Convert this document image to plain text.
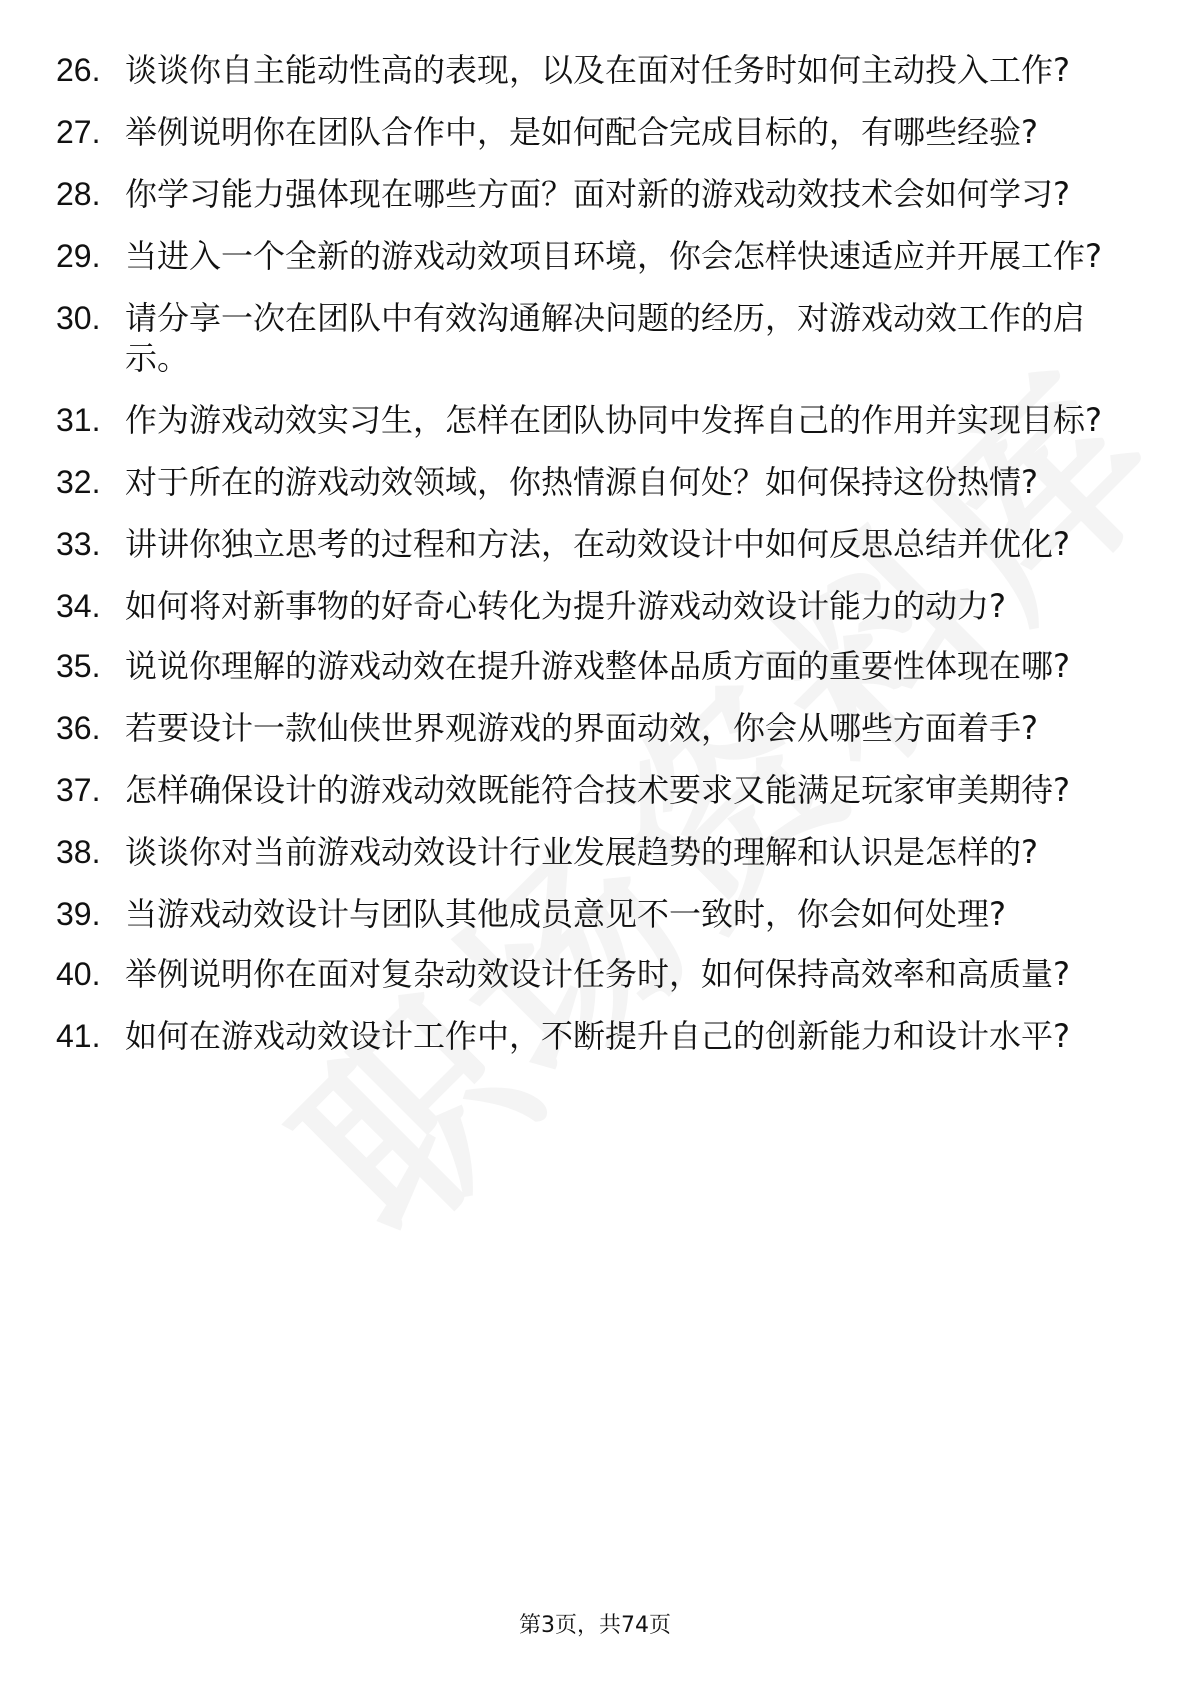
26. 谈谈你自主能动性高的表现，以及在面对任务时如何主动投入工作?
27. 举例说明你在团队合作中，是如何配合完成目标的，有哪些经验?
28. 你学习能力强体现在哪些方面？面对新的游戏动效技术会如何学习?
29. 当进入一个全新的游戏动效项目环境，你会怎样快速适应并开展工作?
30. 请分享一次在团队中有效沟通解决问题的经历，对游戏动效工作的启示。
31. 作为游戏动效实习生，怎样在团队协同中发挥自己的作用并实现目标?
32. 对于所在的游戏动效领域，你热情源自何处？如何保持这份热情?
33. 讲讲你独立思考的过程和方法，在动效设计中如何反思总结并优化?
34. 如何将对新事物的好奇心转化为提升游戏动效设计能力的动力?
35. 说说你理解的游戏动效在提升游戏整体品质方面的重要性体现在哪?
36. 若要设计一款仙侠世界观游戏的界面动效，你会从哪些方面着手?
37. 怎样确保设计的游戏动效既能符合技术要求又能满足玩家审美期待?
38. 谈谈你对当前游戏动效设计行业发展趋势的理解和认识是怎样的?
39. 当游戏动效设计与团队其他成员意见不一致时，你会如何处理?
40. 举例说明你在面对复杂动效设计任务时，如何保持高效率和高质量?
41. 如何在游戏动效设计工作中，不断提升自己的创新能力和设计水平?
第3页，共74页
